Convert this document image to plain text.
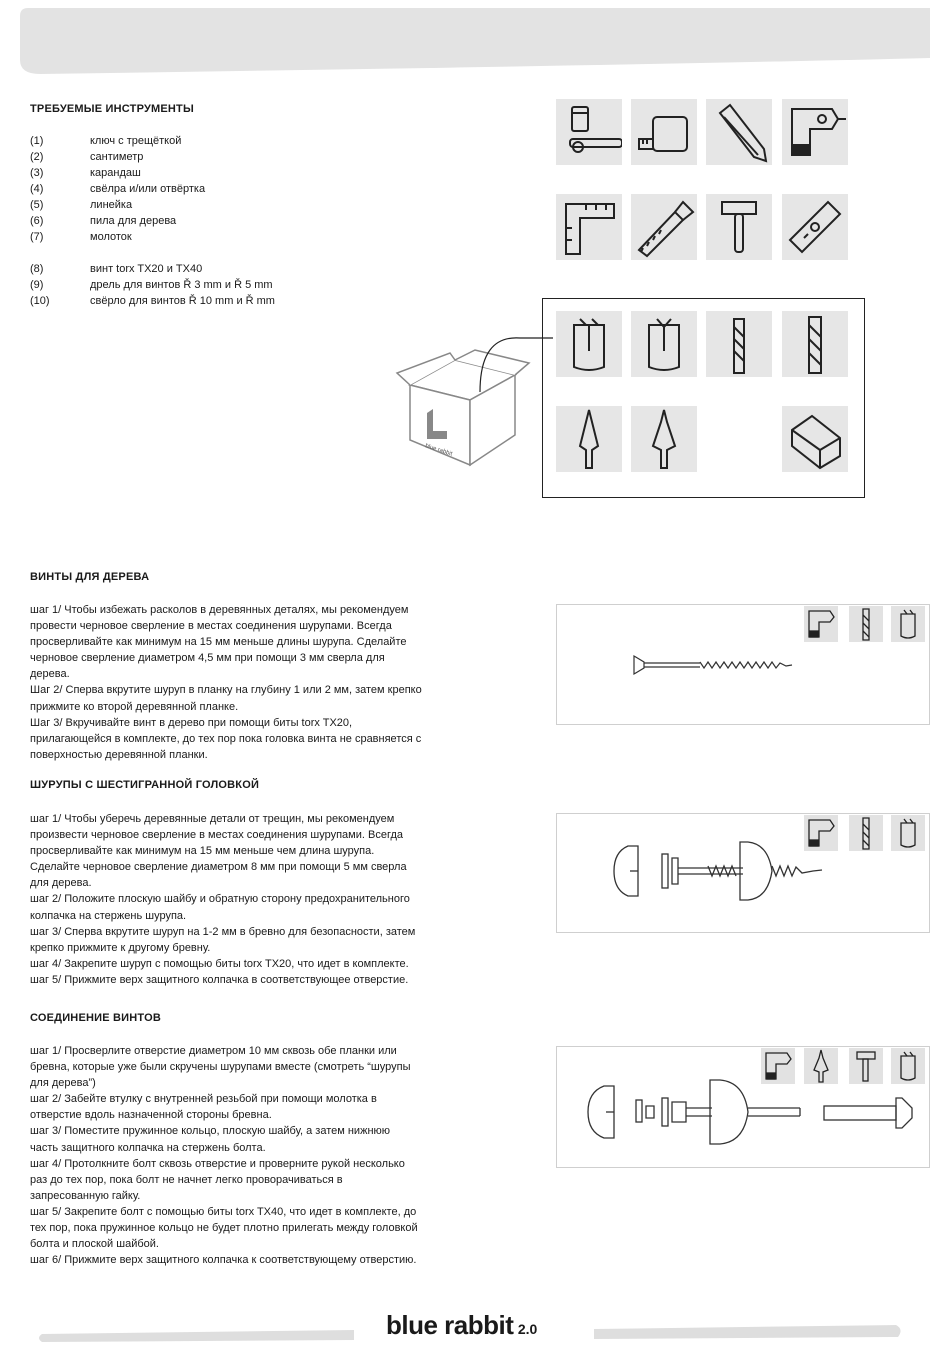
ТРЕБУЕМЫЕ ИНСТРУМЕНТЫ
(1)	ключ с трещёткой
(2)	сантиметр
(3)	карандаш
(4)	свёлра и/или отвёртка
(5)	линейка
(6)	пила для дерева
(7)	молоток
(8)	винт torx TX20 и TX40
(9)	дрель для винтов Ř 3 mm и Ř 5 mm
(10)	свёрло для винтов Ř 10 mm и Ř mm
blue rabbit
ВИНТЫ ДЛЯ ДЕРЕВА

шаг 1/ Чтобы избежать расколов в деревянных деталях, мы рекомендуем

провести черновое сверление в местах соединения шурупами. Всегда

просверливайте как минимум на 15 мм меньше длины шурупа. Сделайте

черновое сверление диаметром 4,5 мм при помощи 3 мм сверла для

дерева.

Шаг 2/ Сперва вкрутите шуруп в планку на глубину 1 или 2 мм, затем крепко

прижмите ко второй деревянной планке.

Шаг 3/ Вкручивайте винт в дерево при помощи биты torx TX20,

прилагающейся в комплекте, до тех пор пока головка винта не сравняется с

поверхностью деревянной планки.

ШУРУПЫ С ШЕСТИГРАННОЙ ГОЛОВКОЙ

шаг 1/ Чтобы уберечь деревянные детали от трещин, мы рекомендуем

произвести черновое сверление в местах соединения шурупами. Всегда

просверливайте как минимум на 15 мм меньше чем длина шурупа.

Сделайте черновое сверление диаметром 8 мм при помощи 5 мм сверла

для дерева.

шаг 2/ Положите плоскую шайбу и обратную сторону предохранительного

колпачка на стержень шурупа.

шаг 3/ Сперва вкрутите шуруп на 1-2 мм в бревно для безопасности, затем

крепко прижмите к другому бревну.

шаг 4/ Закрепите шуруп с помощью биты torx TX20, что идет в комплекте.

шаг 5/ Прижмите верх защитного колпачка в соответствующее отверстие.

СОЕДИНЕНИЕ ВИНТОВ

шаг 1/ Просверлите отверстие диаметром 10 мм сквозь обе планки или

бревна, которые уже были скручены шурупами вместе (смотреть “шурупы

для дерева”)

шаг 2/ Забейте втулку с внутренней резьбой при помощи молотка в

отверстие вдоль назначенной стороны бревна.

шаг 3/ Поместите пружинное кольцо, плоскую шайбу, а затем нижнюю

часть защитного колпачка на стержень болта.

шаг 4/ Протолкните болт сквозь отверстие и проверните рукой несколько

раз до тех пор, пока болт не начнет легко проворачиваться в

запресованную гайку.

шаг 5/ Закрепите болт с помощью биты torx TX40, что идет в комплекте, до

тех пор, пока пружинное кольцо не будет плотно прилегать между головкой

болта и плоской шайбой.

шаг 6/ Прижмите верх защитного колпачка к соответствующему отверстию.

blue rabbit 2.0
